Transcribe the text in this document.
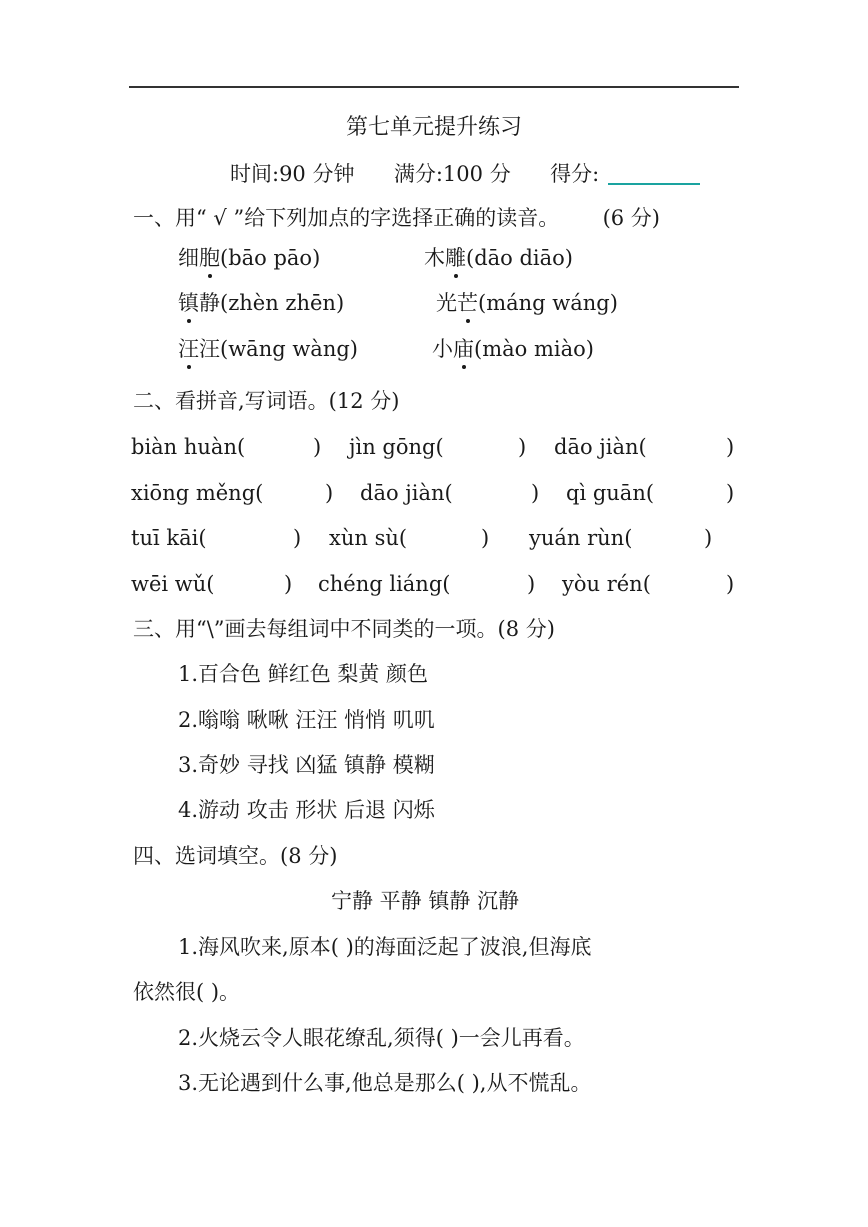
第七单元提升练习
时间:90 分钟 满分:100 分 得分:
一、用“ √ ”给下列加点的字选择正确的读音。 (6 分)
细胞(bāo pāo)	木雕(dāo diāo)
镇静(zhèn zhēn)	光芒(máng wáng)
汪汪(wāng wàng)	小庙(mào miào)
二、看拼音,写词语。(12 分)
biàn huàn(	) jìn gōng(	) dāo jiàn(	)
xiōng měng(	) dāo jiàn(	) qì guān(	)
tuī kāi(	) xùn sù(	) yuán rùn(	)
wēi wǔ(	) chéng liáng(	) yòu rén(	)
三、用“\”画去每组词中不同类的一项。(8 分)
1.百合色 鲜红色 梨黄 颜色
2.嗡嗡 啾啾 汪汪 悄悄 叽叽
3.奇妙 寻找 凶猛 镇静 模糊
4.游动 攻击 形状 后退 闪烁
四、选词填空。(8 分)
宁静 平静 镇静 沉静
1.海风吹来,原本( )的海面泛起了波浪,但海底
依然很( )。
2.火烧云令人眼花缭乱,须得( )一会儿再看。
3.无论遇到什么事,他总是那么( ),从不慌乱。
